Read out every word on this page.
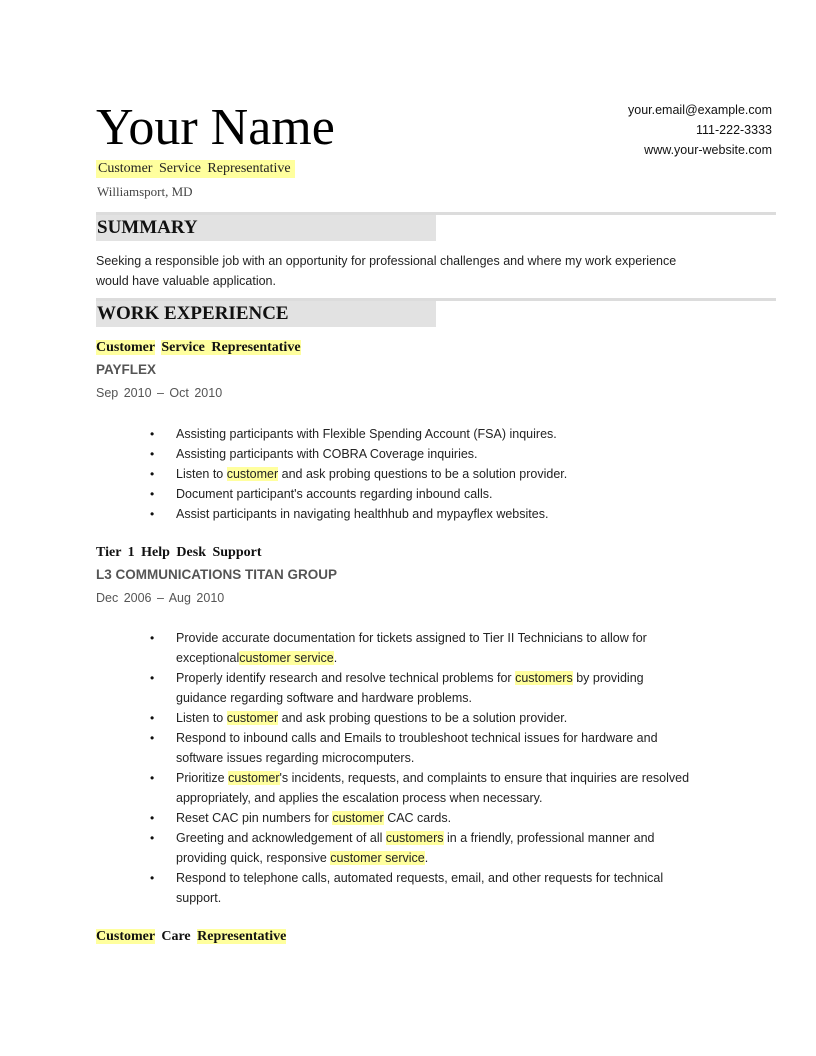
Your Name
Customer Service Representative
Williamsport, MD
your.email@example.com
111-222-3333
www.your-website.com
SUMMARY

Seeking a responsible job with an opportunity for professional challenges and where my work experience
would have valuable application.

WORK EXPERIENCE
Customer Service Representative
PAYFLEX
Sep 2010 – Oct 2010
• Assisting participants with Flexible Spending Account (FSA) inquires.
• Assisting participants with COBRA Coverage inquiries.
• Listen to customer and ask probing questions to be a solution provider.
• Document participant's accounts regarding inbound calls.
• Assist participants in navigating healthhub and mypayflex websites.
Tier 1 Help Desk Support
L3 COMMUNICATIONS TITAN GROUP
Dec 2006 – Aug 2010
• Provide accurate documentation for tickets assigned to Tier II Technicians to allow for exceptionalcustomer service.
• Properly identify research and resolve technical problems for customers by providing guidance regarding software and hardware problems.
• Listen to customer and ask probing questions to be a solution provider.
• Respond to inbound calls and Emails to troubleshoot technical issues for hardware and software issues regarding microcomputers.
• Prioritize customer's incidents, requests, and complaints to ensure that inquiries are resolved appropriately, and applies the escalation process when necessary.
• Reset CAC pin numbers for customer CAC cards.
• Greeting and acknowledgement of all customers in a friendly, professional manner and providing quick, responsive customer service.
• Respond to telephone calls, automated requests, email, and other requests for technical support.
Customer Care Representative
